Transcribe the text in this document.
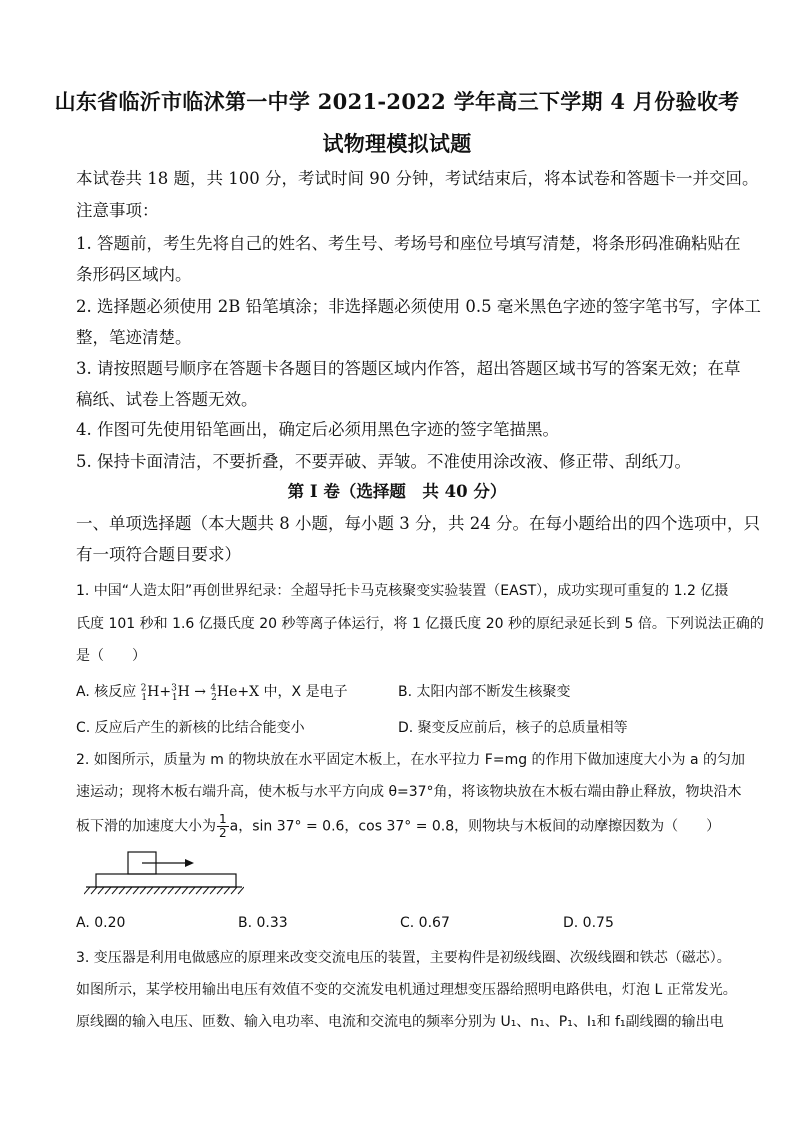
山东省临沂市临沭第一中学 2021-2022 学年高三下学期 4 月份验收考
试物理模拟试题
本试卷共 18 题，共 100 分，考试时间 90 分钟，考试结束后，将本试卷和答题卡一并交回。
注意事项：
1. 答题前，考生先将自己的姓名、考生号、考场号和座位号填写清楚，将条形码准确粘贴在
条形码区域内。
2. 选择题必须使用 2B 铅笔填涂；非选择题必须使用 0.5 毫米黑色字迹的签字笔书写，字体工
整，笔迹清楚。
3. 请按照题号顺序在答题卡各题目的答题区域内作答，超出答题区域书写的答案无效；在草
稿纸、试卷上答题无效。
4. 作图可先使用铅笔画出，确定后必须用黑色字迹的签字笔描黑。
5. 保持卡面清洁，不要折叠，不要弄破、弄皱。不准使用涂改液、修正带、刮纸刀。
第 I 卷（选择题　共 40 分）
一、单项选择题（本大题共 8 小题，每小题 3 分，共 24 分。在每小题给出的四个选项中，只
有一项符合题目要求）
1. 中国“人造太阳”再创世界纪录：全超导托卡马克核聚变实验装置（EAST），成功实现可重复的 1.2 亿摄
氏度 101 秒和 1.6 亿摄氏度 20 秒等离子体运行，将 1 亿摄氏度 20 秒的原纪录延长到 5 倍。下列说法正确的
是（　　）
A. 核反应 $^2_1$H+$^3_1$H → $^4_2$He+X 中，X 是电子	B. 太阳内部不断发生核聚变
C. 反应后产生的新核的比结合能变小	D. 聚变反应前后，核子的总质量相等
2. 如图所示，质量为 m 的物块放在水平固定木板上，在水平拉力 F=mg 的作用下做加速度大小为 a 的匀加
速运动；现将木板右端升高，使木板与水平方向成 θ=37°角，将该物块放在木板右端由静止释放，物块沿木
板下滑的加速度大小为 $\frac{1}{2}$ a，sin 37° = 0.6，cos 37° = 0.8，则物块与木板间的动摩擦因数为（　　）
A. 0.20	B. 0.33	C. 0.67	D. 0.75
3. 变压器是利用电做感应的原理来改变交流电压的装置，主要构件是初级线圈、次级线圈和铁芯（磁芯）。
如图所示，某学校用输出电压有效值不变的交流发电机通过理想变压器给照明电路供电，灯泡 L 正常发光。
原线圈的输入电压、匝数、输入电功率、电流和交流电的频率分别为 U₁、n₁、P₁、I₁和 f₁副线圈的输出电
